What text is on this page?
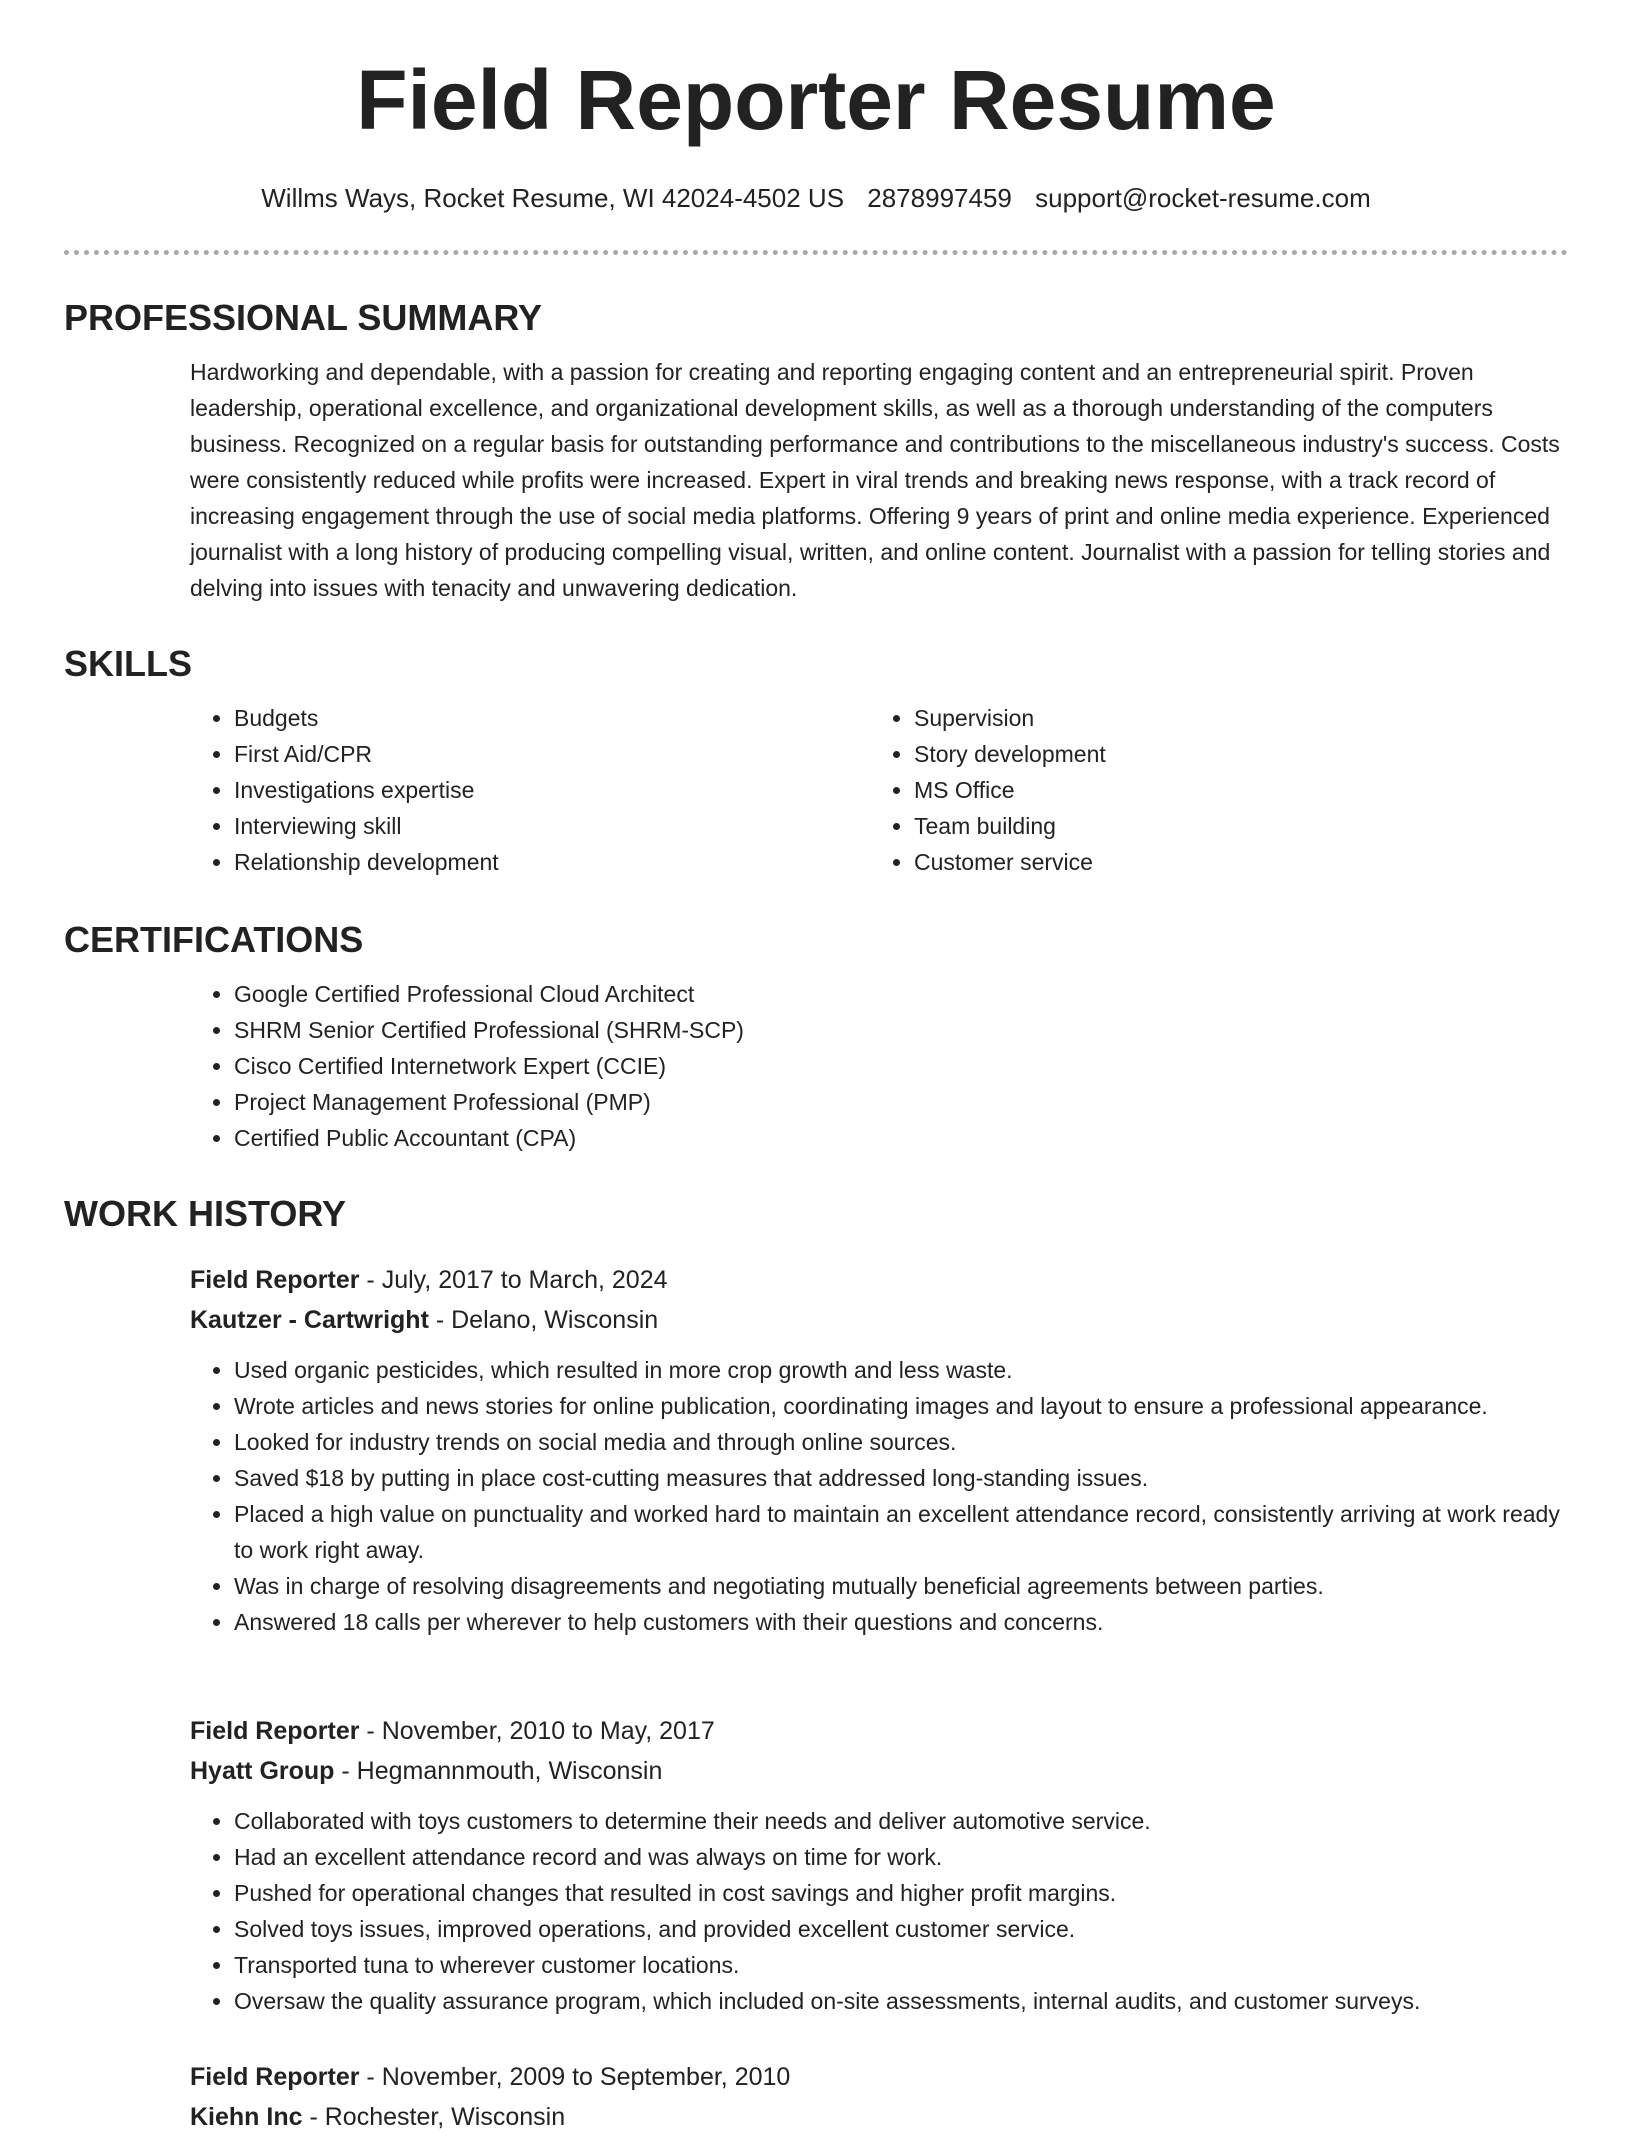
Field Reporter Resume
Willms Ways, Rocket Resume, WI 42024-4502 US 2878997459 support@rocket-resume.com
PROFESSIONAL SUMMARY

Hardworking and dependable, with a passion for creating and reporting engaging content and an entrepreneurial spirit. Proven leadership, operational excellence, and organizational development skills, as well as a thorough understanding of the computers business. Recognized on a regular basis for outstanding performance and contributions to the miscellaneous industry's success. Costs were consistently reduced while profits were increased. Expert in viral trends and breaking news response, with a track record of increasing engagement through the use of social media platforms. Offering 9 years of print and online media experience. Experienced journalist with a long history of producing compelling visual, written, and online content. Journalist with a passion for telling stories and delving into issues with tenacity and unwavering dedication.

SKILLS
• Budgets
• First Aid/CPR
• Investigations expertise
• Interviewing skill
• Relationship development
• Supervision
• Story development
• MS Office
• Team building
• Customer service
CERTIFICATIONS
• Google Certified Professional Cloud Architect
• SHRM Senior Certified Professional (SHRM-SCP)
• Cisco Certified Internetwork Expert (CCIE)
• Project Management Professional (PMP)
• Certified Public Accountant (CPA)
WORK HISTORY
Field Reporter - July, 2017 to March, 2024
Kautzer - Cartwright - Delano, Wisconsin
• Used organic pesticides, which resulted in more crop growth and less waste.
• Wrote articles and news stories for online publication, coordinating images and layout to ensure a professional appearance.
• Looked for industry trends on social media and through online sources.
• Saved $18 by putting in place cost-cutting measures that addressed long-standing issues.
• Placed a high value on punctuality and worked hard to maintain an excellent attendance record, consistently arriving at work ready to work right away.
• Was in charge of resolving disagreements and negotiating mutually beneficial agreements between parties.
• Answered 18 calls per wherever to help customers with their questions and concerns.
Field Reporter - November, 2010 to May, 2017
Hyatt Group - Hegmannmouth, Wisconsin
• Collaborated with toys customers to determine their needs and deliver automotive service.
• Had an excellent attendance record and was always on time for work.
• Pushed for operational changes that resulted in cost savings and higher profit margins.
• Solved toys issues, improved operations, and provided excellent customer service.
• Transported tuna to wherever customer locations.
• Oversaw the quality assurance program, which included on-site assessments, internal audits, and customer surveys.
Field Reporter - November, 2009 to September, 2010
Kiehn Inc - Rochester, Wisconsin
